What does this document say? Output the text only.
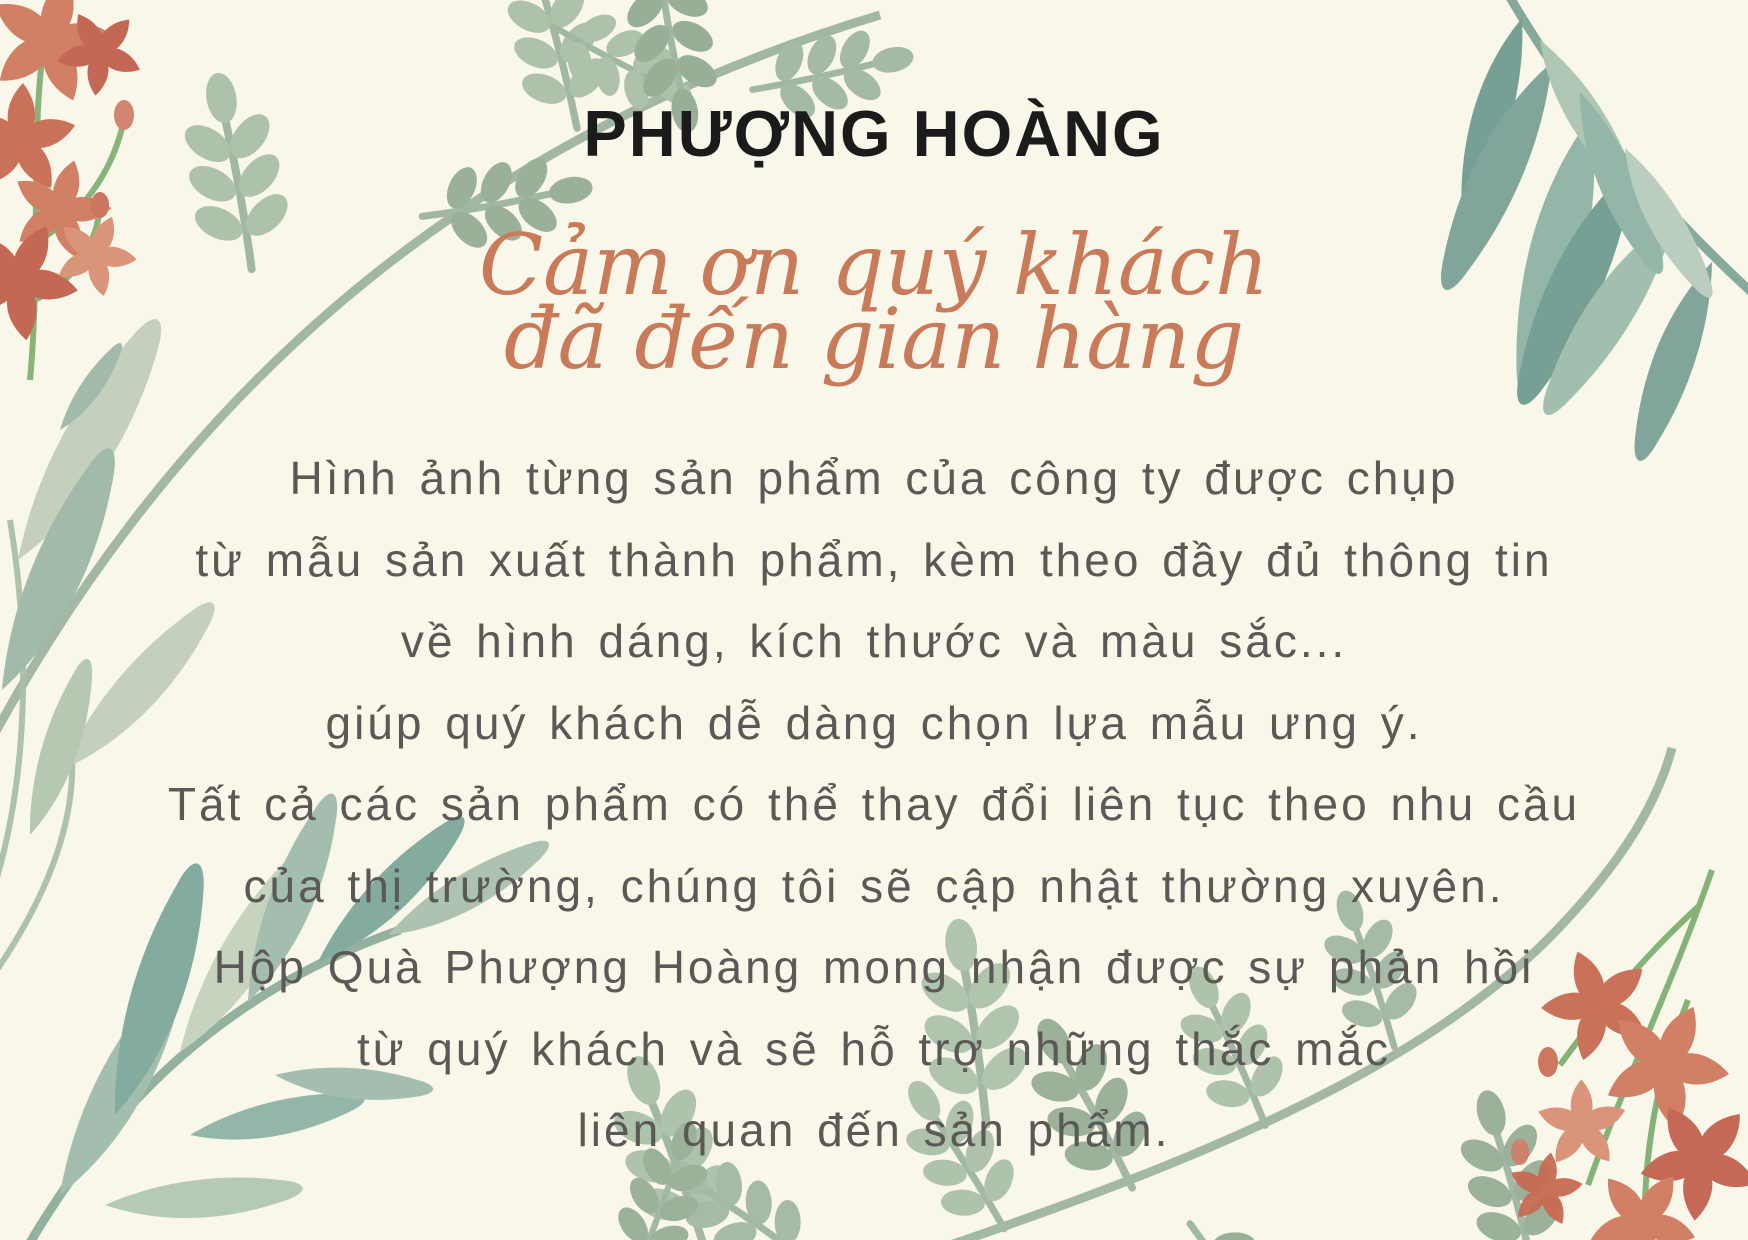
PHƯỢNG HOÀNG
Cảm ơn quý khách
đã đến gian hàng
Hình ảnh từng sản phẩm của công ty được chụp
từ mẫu sản xuất thành phẩm, kèm theo đầy đủ thông tin
về hình dáng, kích thước và màu sắc...
giúp quý khách dễ dàng chọn lựa mẫu ưng ý.
Tất cả các sản phẩm có thể thay đổi liên tục theo nhu cầu
của thị trường, chúng tôi sẽ cập nhật thường xuyên.
Hộp Quà Phượng Hoàng mong nhận được sự phản hồi
từ quý khách và sẽ hỗ trợ những thắc mắc
liên quan đến sản phẩm.
